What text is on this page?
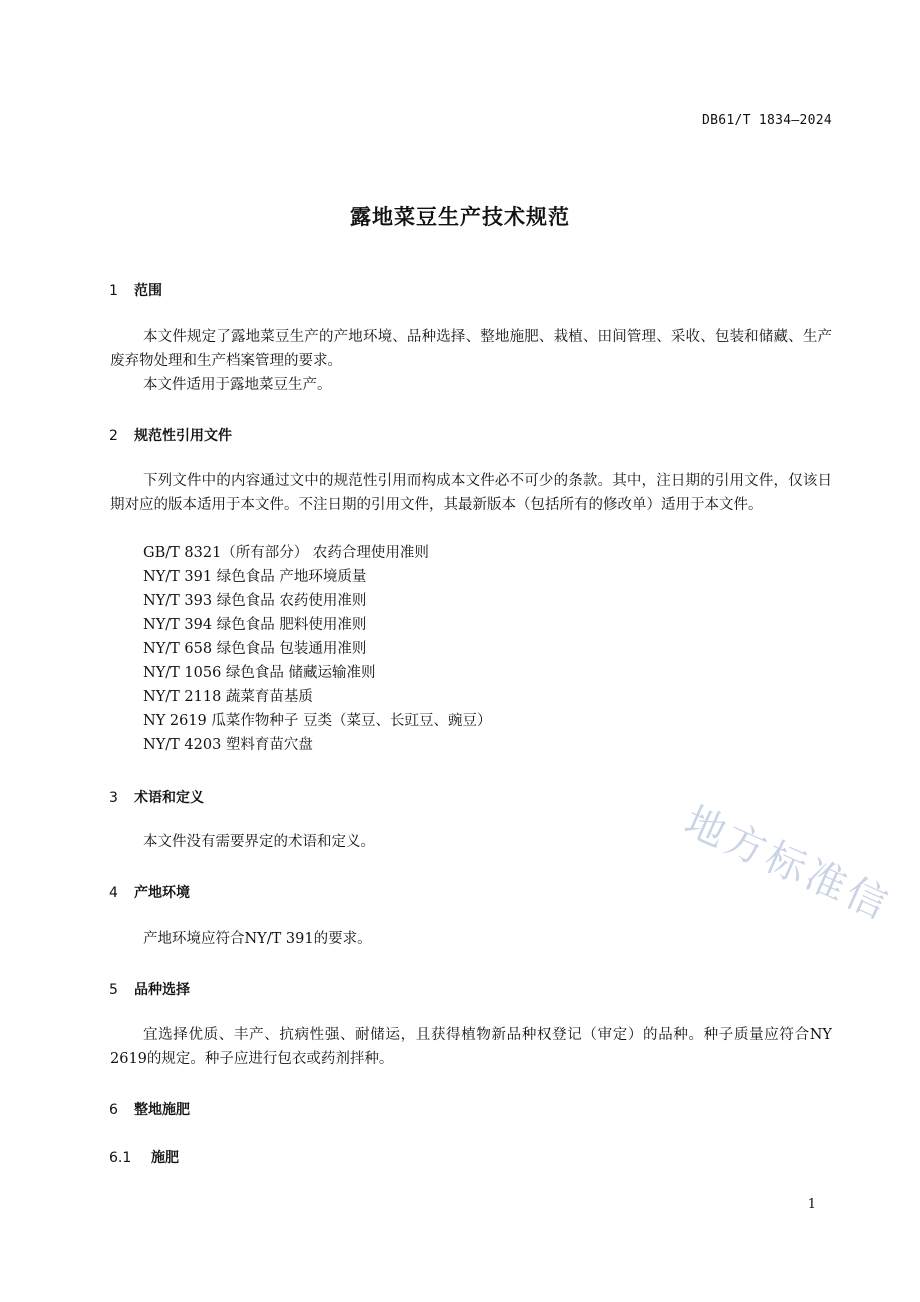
地方标准信
DB61/T 1834—2024
露地菜豆生产技术规范
1 范围
本文件规定了露地菜豆生产的产地环境、品种选择、整地施肥、栽植、田间管理、采收、包装和储藏、生产废弃物处理和生产档案管理的要求。
本文件适用于露地菜豆生产。
2 规范性引用文件
下列文件中的内容通过文中的规范性引用而构成本文件必不可少的条款。其中，注日期的引用文件，仅该日期对应的版本适用于本文件。不注日期的引用文件，其最新版本（包括所有的修改单）适用于本文件。
GB/T 8321（所有部分） 农药合理使用准则
NY/T 391 绿色食品 产地环境质量
NY/T 393 绿色食品 农药使用准则
NY/T 394 绿色食品 肥料使用准则
NY/T 658 绿色食品 包装通用准则
NY/T 1056 绿色食品 储藏运输准则
NY/T 2118 蔬菜育苗基质
NY 2619 瓜菜作物种子 豆类（菜豆、长豇豆、豌豆）
NY/T 4203 塑料育苗穴盘
3 术语和定义
本文件没有需要界定的术语和定义。
4 产地环境
产地环境应符合NY/T 391的要求。
5 品种选择
宜选择优质、丰产、抗病性强、耐储运，且获得植物新品种权登记（审定）的品种。种子质量应符合NY 2619的规定。种子应进行包衣或药剂拌种。
6 整地施肥
6.1 施肥
1
